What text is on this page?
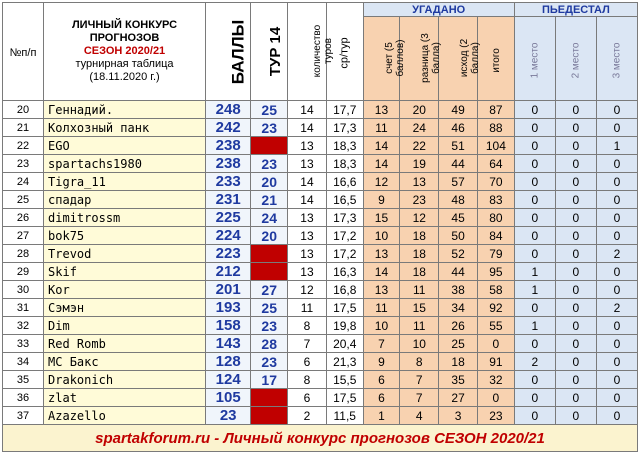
№п/п	ЛИЧНЫЙ КОНКУРС
ПРОГНОЗОВ
СЕЗОН 2020/21
турнирная таблица
(18.11.2020 г.)	БАЛЛЫ	ТУР 14	количество туров	ср/тур	УГАДАНО				ПЬЕДЕСТАЛ		
						счет (5 баллов)	разница (3 балла)	исход (2 балла)	итого	1 место	2 место	3 место
20	Геннадий.	248	25	14	17,7	13	20	49	87	0	0	0
21	Колхозный панк	242	23	14	17,3	11	24	46	88	0	0	0
22	EGO	238		13	18,3	14	22	51	104	0	0	1
23	spartachs1980	238	23	13	18,3	14	19	44	64	0	0	0
24	Tigra_11	233	20	14	16,6	12	13	57	70	0	0	0
25	спадар	231	21	14	16,5	9	23	48	83	0	0	0
26	dimitrossm	225	24	13	17,3	15	12	45	80	0	0	0
27	bok75	224	20	13	17,2	10	18	50	84	0	0	0
28	Trevod	223		13	17,2	13	18	52	79	0	0	2
29	Skif	212		13	16,3	14	18	44	95	1	0	0
30	Kor	201	27	12	16,8	13	11	38	58	1	0	0
31	Сэмэн	193	25	11	17,5	11	15	34	92	0	0	2
32	Dim	158	23	8	19,8	10	11	26	55	1	0	0
33	Red Romb	143	28	7	20,4	7	10	25	0	0	0	0
34	MC Бакс	128	23	6	21,3	9	8	18	91	2	0	0
35	Drakonich	124	17	8	15,5	6	7	35	32	0	0	0
36	zlat	105		6	17,5	6	7	27	0	0	0	0
37	Azazello	23		2	11,5	1	4	3	23	0	0	0
spartakforum.ru - Личный конкурс прогнозов СЕЗОН 2020/21												
